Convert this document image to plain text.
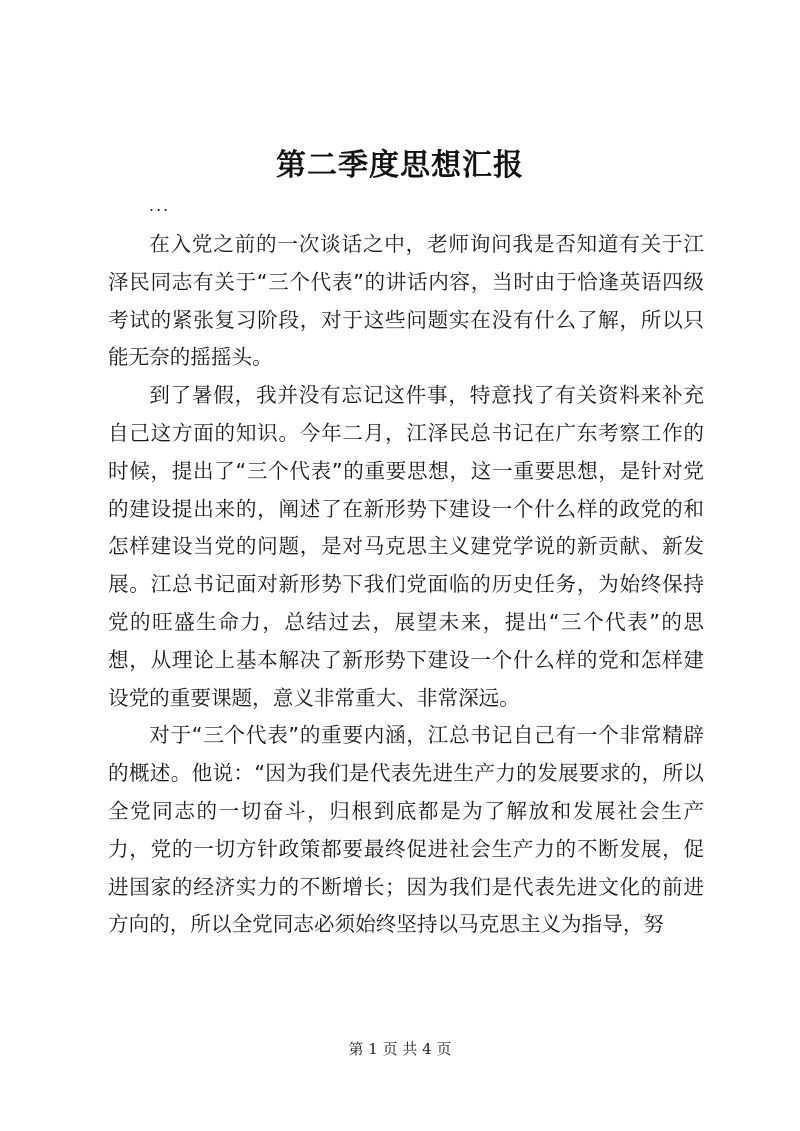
第二季度思想汇报
...

在入党之前的一次谈话之中，老师询问我是否知道有关于江泽民同志有关于“三个代表”的讲话内容，当时由于恰逢英语四级考试的紧张复习阶段，对于这些问题实在没有什么了解，所以只能无奈的摇摇头。

到了暑假，我并没有忘记这件事，特意找了有关资料来补充自己这方面的知识。今年二月，江泽民总书记在广东考察工作的时候，提出了“三个代表”的重要思想，这一重要思想，是针对党的建设提出来的，阐述了在新形势下建设一个什么样的政党的和怎样建设当党的问题，是对马克思主义建党学说的新贡献、新发展。江总书记面对新形势下我们党面临的历史任务，为始终保持党的旺盛生命力，总结过去，展望未来，提出“三个代表”的思想，从理论上基本解决了新形势下建设一个什么样的党和怎样建设党的重要课题，意义非常重大、非常深远。

对于“三个代表”的重要内涵，江总书记自己有一个非常精辟的概述。他说：“因为我们是代表先进生产力的发展要求的，所以全党同志的一切奋斗，归根到底都是为了解放和发展社会生产力，党的一切方针政策都要最终促进社会生产力的不断发展，促进国家的经济实力的不断增长；因为我们是代表先进文化的前进方向的，所以全党同志必须始终坚持以马克思主义为指导，努

第 1 页 共 4 页
